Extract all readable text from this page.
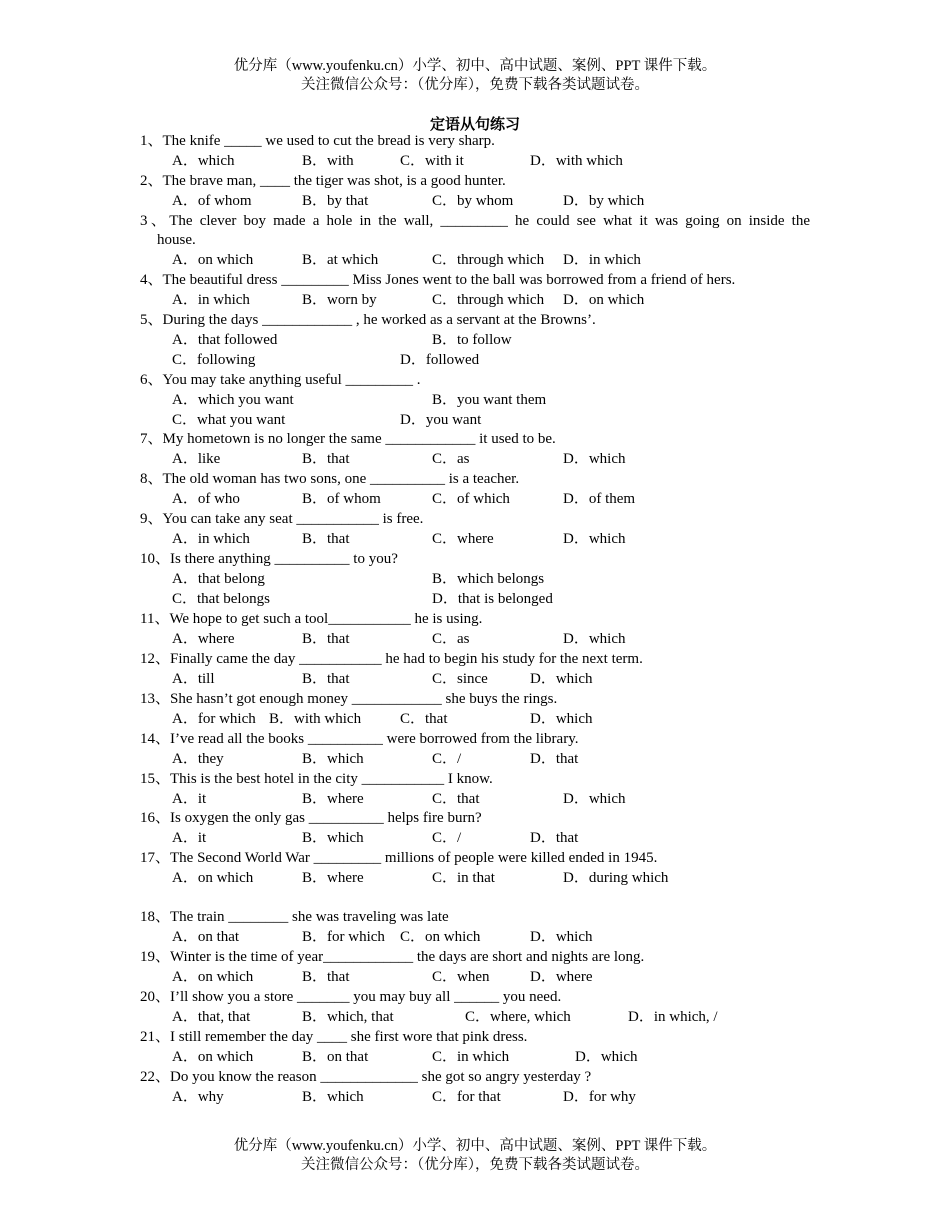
优分库（www.youfenku.cn）小学、初中、高中试题、案例、PPT 课件下载。
关注微信公众号：（优分库），免费下载各类试题试卷。
定语从句练习
1、The knife _____ we used to cut the bread is very sharp.
A．which	B．with	C．with it	D．with which
2、The brave man, ____ the tiger was shot, is a good hunter.
A．of whom	B．by that	C．by whom	D．by which
3、The clever boy made a hole in the wall, _________ he could see what it was going on inside the
house.
A．on which	B．at which	C．through which D．in which
4、The beautiful dress _________ Miss Jones went to the ball was borrowed from a friend of hers.
A．in which	B．worn by	C．through which D．on which
5、During the days ____________ , he worked as a servant at the Browns’.
A．that followed	B．to follow
C．following	D．followed
6、You may take anything useful _________ .
A．which you want	B．you want them
C．what you want	D．you want
7、My hometown is no longer the same ____________ it used to be.
A．like	B．that	C．as	D．which
8、The old woman has two sons, one __________ is a teacher.
A．of who	B．of whom	C．of which	D．of them
9、You can take any seat ___________ is free.
A．in which	B．that	C．where	D．which
10、Is there anything __________ to you?
A．that belong	B．which belongs
C．that belongs	D．that is belonged
11、We hope to get such a tool___________ he is using.
A．where	B．that	C．as	D．which
12、Finally came the day ___________ he had to begin his study for the next term.
A．till	B．that	C．since	D．which
13、She hasn’t got enough money ____________ she buys the rings.
A．for which B．with which	C．that	D．which
14、I’ve read all the books __________ were borrowed from the library.
A．they	B．which	C．/	D．that
15、This is the best hotel in the city ___________ I know.
A．it	B．where	C．that	D．which
16、Is oxygen the only gas __________ helps fire burn?
A．it	B．which	C．/	D．that
17、The Second World War _________ millions of people were killed ended in 1945.
A．on which	B．where	C．in that	D．during which
18、The train ________ she was traveling was late
A．on that	B．for which C．on which	D．which
19、Winter is the time of year____________ the days are short and nights are long.
A．on which	B．that	C．when	D．where
20、I’ll show you a store _______ you may buy all ______ you need.
A．that, that	B．which, that	C．where, which	D．in which, /
21、I still remember the day ____ she first wore that pink dress.
A．on which	B．on that	C．in which	D．which
22、Do you know the reason _____________ she got so angry yesterday ?
A．why	B．which	C．for that	D．for why
优分库（www.youfenku.cn）小学、初中、高中试题、案例、PPT 课件下载。
关注微信公众号：（优分库），免费下载各类试题试卷。
